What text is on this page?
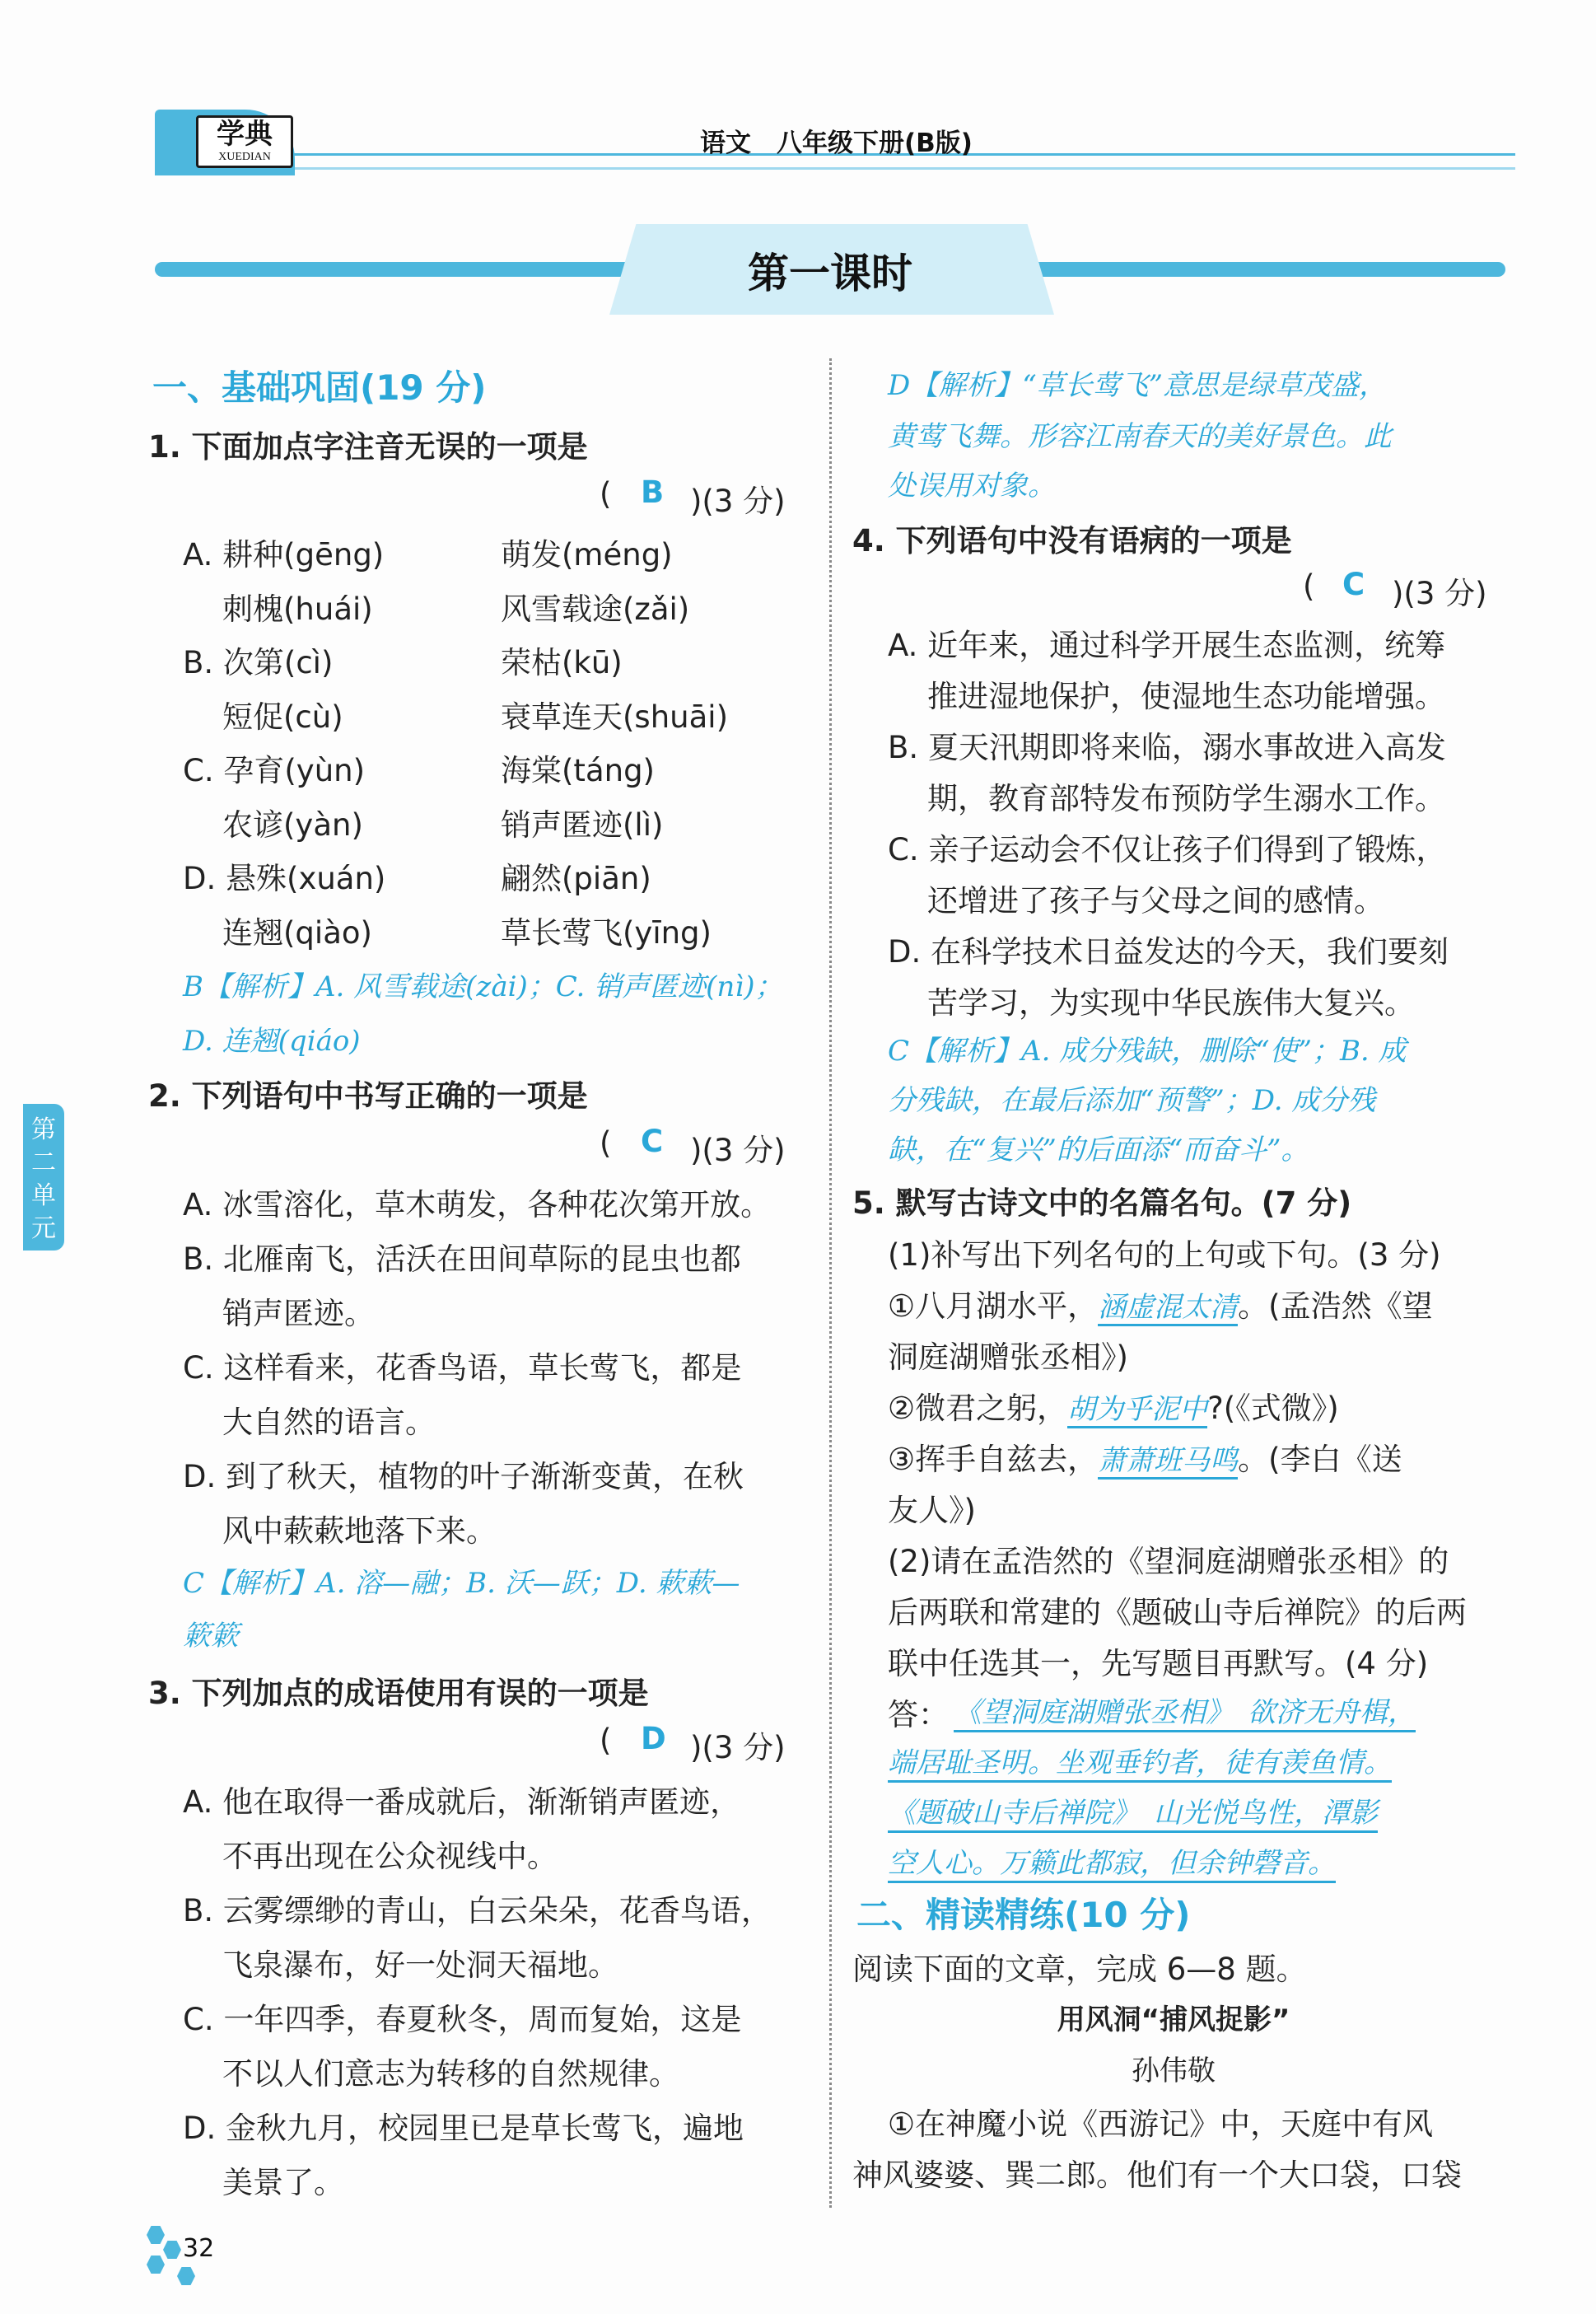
学典
XUEDIAN	语文　八年级下册(B版)
第一课时
第二单元
一、基础巩固(19 分)
1. 下面加点字注音无误的一项是
( B )(3 分)
A. 耕种(gēng)	萌发(méng)
刺槐(huái)	风雪载途(zǎi)
B. 次第(cì)	荣枯(kū)
短促(cù)	衰草连天(shuāi)
C. 孕育(yùn)	海棠(táng)
农谚(yàn)	销声匿迹(lì)
D. 悬殊(xuán)	翩然(piān)
连翘(qiào)	草长莺飞(yīng)
B【解析】A. 风雪载途(zài)；C. 销声匿迹(nì)；
D. 连翘(qiáo)
2. 下列语句中书写正确的一项是
( C )(3 分)
A. 冰雪溶化，草木萌发，各种花次第开放。
B. 北雁南飞，活沃在田间草际的昆虫也都
销声匿迹。
C. 这样看来，花香鸟语，草长莺飞，都是
大自然的语言。
D. 到了秋天，植物的叶子渐渐变黄，在秋
风中蔌蔌地落下来。
C【解析】A. 溶—融；B. 沃—跃；D. 蔌蔌—
簌簌
3. 下列加点的成语使用有误的一项是
( D )(3 分)
A. 他在取得一番成就后，渐渐销声匿迹，
不再出现在公众视线中。
B. 云雾缥缈的青山，白云朵朵，花香鸟语，
飞泉瀑布，好一处洞天福地。
C. 一年四季，春夏秋冬，周而复始，这是
不以人们意志为转移的自然规律。
D. 金秋九月，校园里已是草长莺飞，遍地
美景了。
D【解析】“草长莺飞”意思是绿草茂盛，
黄莺飞舞。形容江南春天的美好景色。此
处误用对象。
4. 下列语句中没有语病的一项是
( C )(3 分)
A. 近年来，通过科学开展生态监测，统筹
推进湿地保护，使湿地生态功能增强。
B. 夏天汛期即将来临，溺水事故进入高发
期，教育部特发布预防学生溺水工作。
C. 亲子运动会不仅让孩子们得到了锻炼，
还增进了孩子与父母之间的感情。
D. 在科学技术日益发达的今天，我们要刻
苦学习，为实现中华民族伟大复兴。
C【解析】A. 成分残缺，删除“使”；B. 成
分残缺，在最后添加“预警”；D. 成分残
缺，在“复兴”的后面添“而奋斗”。
5. 默写古诗文中的名篇名句。(7 分)
(1)补写出下列名句的上句或下句。(3 分)
①八月湖水平，涵虚混太清。(孟浩然《望
洞庭湖赠张丞相》)
②微君之躬，胡为乎泥中?(《式微》)
③挥手自兹去，萧萧班马鸣。(李白《送
友人》)
(2)请在孟浩然的《望洞庭湖赠张丞相》的
后两联和常建的《题破山寺后禅院》的后两
联中任选其一，先写题目再默写。(4 分)
答： 《望洞庭湖赠张丞相》　欲济无舟楫，
端居耻圣明。坐观垂钓者，徒有羡鱼情。
《题破山寺后禅院》　山光悦鸟性，潭影
空人心。万籁此都寂，但余钟磬音。
二、精读精练(10 分)
阅读下面的文章，完成 6—8 题。
用风洞“捕风捉影”
孙伟敬
①在神魔小说《西游记》中，天庭中有风
神风婆婆、巽二郎。他们有一个大口袋，口袋
32
